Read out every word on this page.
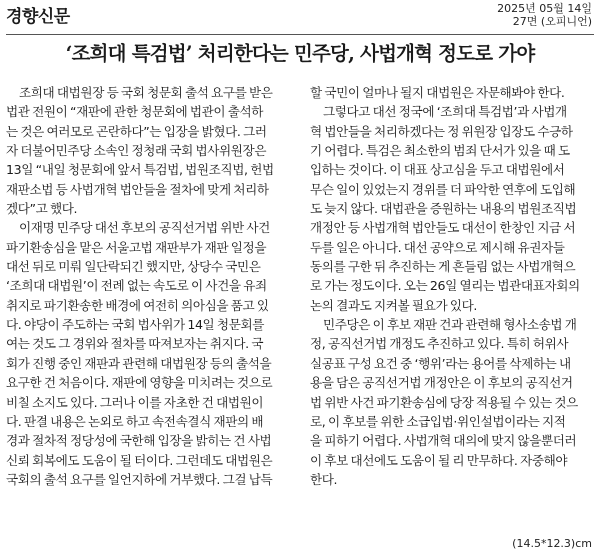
경향신문	2025년 05월 14일
27면 (오피니언)
‘조희대 특검법’ 처리한다는 민주당, 사법개혁 정도로 가야
조희대 대법원장 등 국회 청문회 출석 요구를 받은
법관 전원이 “재판에 관한 청문회에 법관이 출석하
는 것은 여러모로 곤란하다”는 입장을 밝혔다. 그러
자 더불어민주당 소속인 정청래 국회 법사위원장은
13일 “내일 청문회에 앞서 특검법, 법원조직법, 헌법
재판소법 등 사법개혁 법안들을 절차에 맞게 처리하
겠다”고 했다.
이재명 민주당 대선 후보의 공직선거법 위반 사건
파기환송심을 맡은 서울고법 재판부가 재판 일정을
대선 뒤로 미뤄 일단락되긴 했지만, 상당수 국민은
‘조희대 대법원’이 전례 없는 속도로 이 사건을 유죄
취지로 파기환송한 배경에 여전히 의아심을 품고 있
다. 야당이 주도하는 국회 법사위가 14일 청문회를
여는 것도 그 경위와 절차를 따져보자는 취지다. 국
회가 진행 중인 재판과 관련해 대법원장 등의 출석을
요구한 건 처음이다. 재판에 영향을 미치려는 것으로
비칠 소지도 있다. 그러나 이를 자초한 건 대법원이
다. 판결 내용은 논외로 하고 속전속결식 재판의 배
경과 절차적 정당성에 국한해 입장을 밝히는 건 사법
신뢰 회복에도 도움이 될 터이다. 그런데도 대법원은
국회의 출석 요구를 일언지하에 거부했다. 그걸 납득
할 국민이 얼마나 될지 대법원은 자문해봐야 한다.
그렇다고 대선 정국에 ‘조희대 특검법’과 사법개
혁 법안들을 처리하겠다는 정 위원장 입장도 수긍하
기 어렵다. 특검은 최소한의 범죄 단서가 있을 때 도
입하는 것이다. 이 대표 상고심을 두고 대법원에서
무슨 일이 있었는지 경위를 더 파악한 연후에 도입해
도 늦지 않다. 대법관을 증원하는 내용의 법원조직법
개정안 등 사법개혁 법안들도 대선이 한창인 지금 서
두를 일은 아니다. 대선 공약으로 제시해 유권자들
동의를 구한 뒤 추진하는 게 흔들림 없는 사법개혁으
로 가는 정도이다. 오는 26일 열리는 법관대표자회의
논의 결과도 지켜볼 필요가 있다.
민주당은 이 후보 재판 건과 관련해 형사소송법 개
정, 공직선거법 개정도 추진하고 있다. 특히 허위사
실공표 구성 요건 중 ‘행위’라는 용어를 삭제하는 내
용을 담은 공직선거법 개정안은 이 후보의 공직선거
법 위반 사건 파기환송심에 당장 적용될 수 있는 것으
로, 이 후보를 위한 소급입법·위인설법이라는 지적
을 피하기 어렵다. 사법개혁 대의에 맞지 않을뿐더러
이 후보 대선에도 도움이 될 리 만무하다. 자중해야
한다.
(14.5*12.3)cm
